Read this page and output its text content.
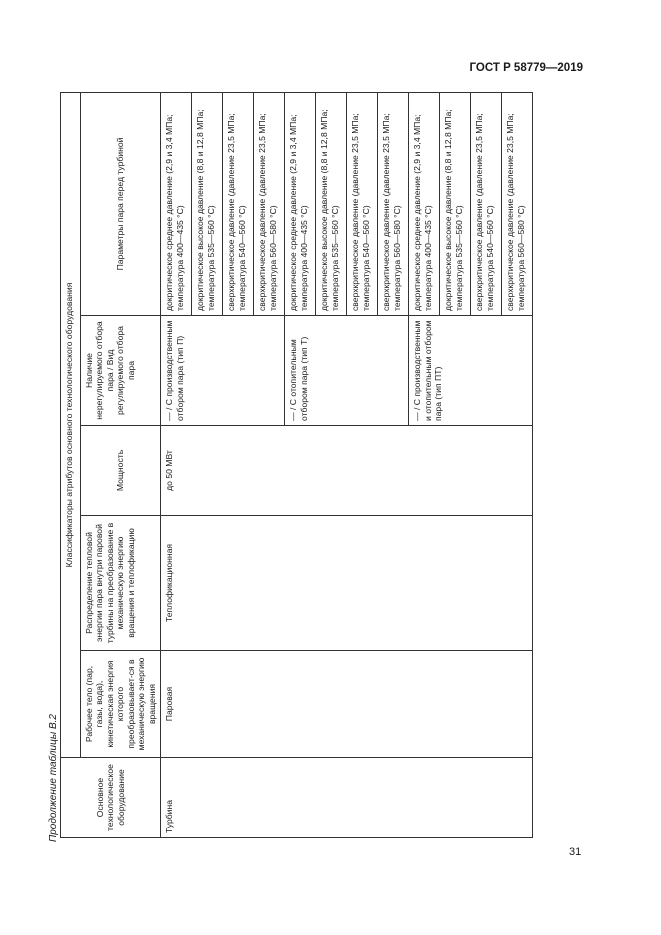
ГОСТ Р 58779—2019
Продолжение таблицы В.2	Основное технологическое оборудование	Классификаторы атрибутов основного технологического оборудования				
	Рабочее тело (пар, газы, вода), кинетическая энергия которого преобразовывает-ся в механическую энергию вращения	Распределение тепловой энергии пара внутри паровой турбины на преобразование в механическую энергию вращения и теплофикацию	Мощность	Наличие нерегулируемого отбора пара / Вид регулируемого отбора пара	Параметры пара перед турбиной
Турбина	Паровая	Теплофикационная	до 50 МВт	— / С производственным отбором пара (тип П)	докритическое среднее давление (2,9 и 3,4 МПа; температура 400—435 °С)
					докритическое высокое давление (8,8 и 12,8 МПа; температура 535—560 °С)
					сверхкритическое давление (давление 23,5 МПа; температура 540—560 °С)
					сверхкритическое давление (давление 23,5 МПа; температура 560—580 °С)
				— / С отопительным отбором пара (тип Т)	докритическое среднее давление (2,9 и 3,4 МПа; температура 400—435 °С)
					докритическое высокое давление (8,8 и 12,8 МПа; температура 535—560 °С)
					сверхкритическое давление (давление 23,5 МПа; температура 540—560 °С)
					сверхкритическое давление (давление 23,5 МПа; температура 560—580 °С)
				— / С производственным и отопительным отбором пара (тип ПТ)	докритическое среднее давление (2,9 и 3,4 МПа; температура 400—435 °С)
					докритическое высокое давление (8,8 и 12,8 МПа; температура 535—560 °С)
					сверхкритическое давление (давление 23,5 МПа; температура 540—560 °С)
					сверхкритическое давление (давление 23,5 МПа; температура 560—580 °С)
31
